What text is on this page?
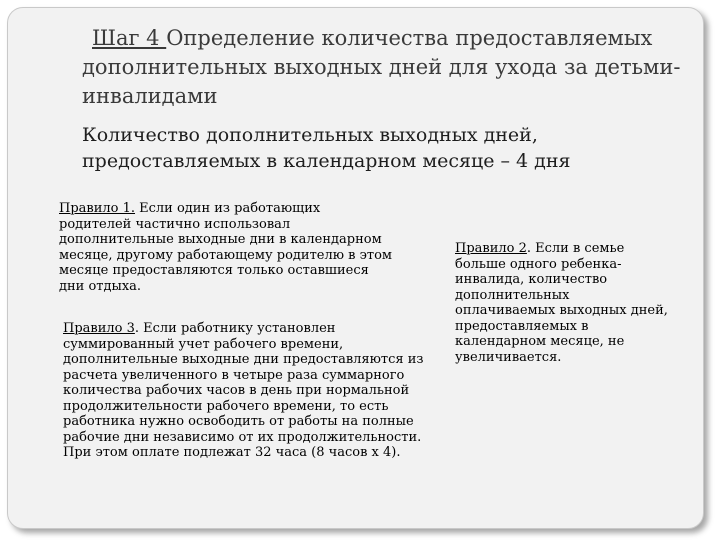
Шаг 4 Определение количества предоставляемых дополнительных выходных дней для ухода за детьми-инвалидами

Количество дополнительных выходных дней, предоставляемых в календарном месяце – 4 дня

Правило 1. Если один из работающих родителей частично использовал дополнительные выходные дни в календарном месяце, другому работающему родителю в этом месяце предоставляются только оставшиеся дни отдыха.

Правило 3. Если работнику установлен суммированный учет рабочего времени, дополнительные выходные дни предоставляются из расчета увеличенного в четыре раза суммарного количества рабочих часов в день при нормальной продолжительности рабочего времени, то есть работника нужно освободить от работы на полные рабочие дни независимо от их продолжительности. При этом оплате подлежат 32 часа (8 часов х 4).

Правило 2. Если в семье больше одного ребенка-инвалида, количество дополнительных оплачиваемых выходных дней, предоставляемых в календарном месяце, не увеличивается.
